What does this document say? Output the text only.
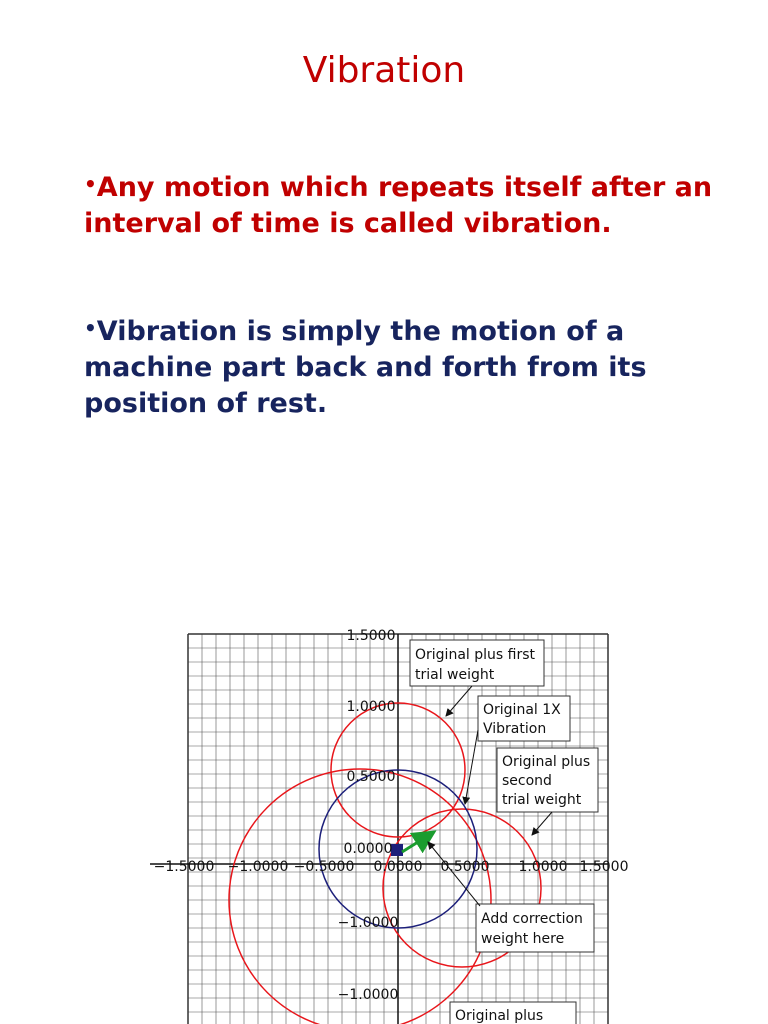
Vibration
•Any motion which repeats itself after an interval of time is called vibration.
•Vibration is simply the motion of a machine part back and forth from its position of rest.
−1.5000 −1.0000 −0.5000 0.0000 0.5000 1.0000 1.5000
1.5000
1.0000
0.5000
0.0000
−1.0000
−1.0000
Original plus first
trial weight
Original 1X
Vibration
Original plus
second
trial weight
Add correction
weight here
Original plus
